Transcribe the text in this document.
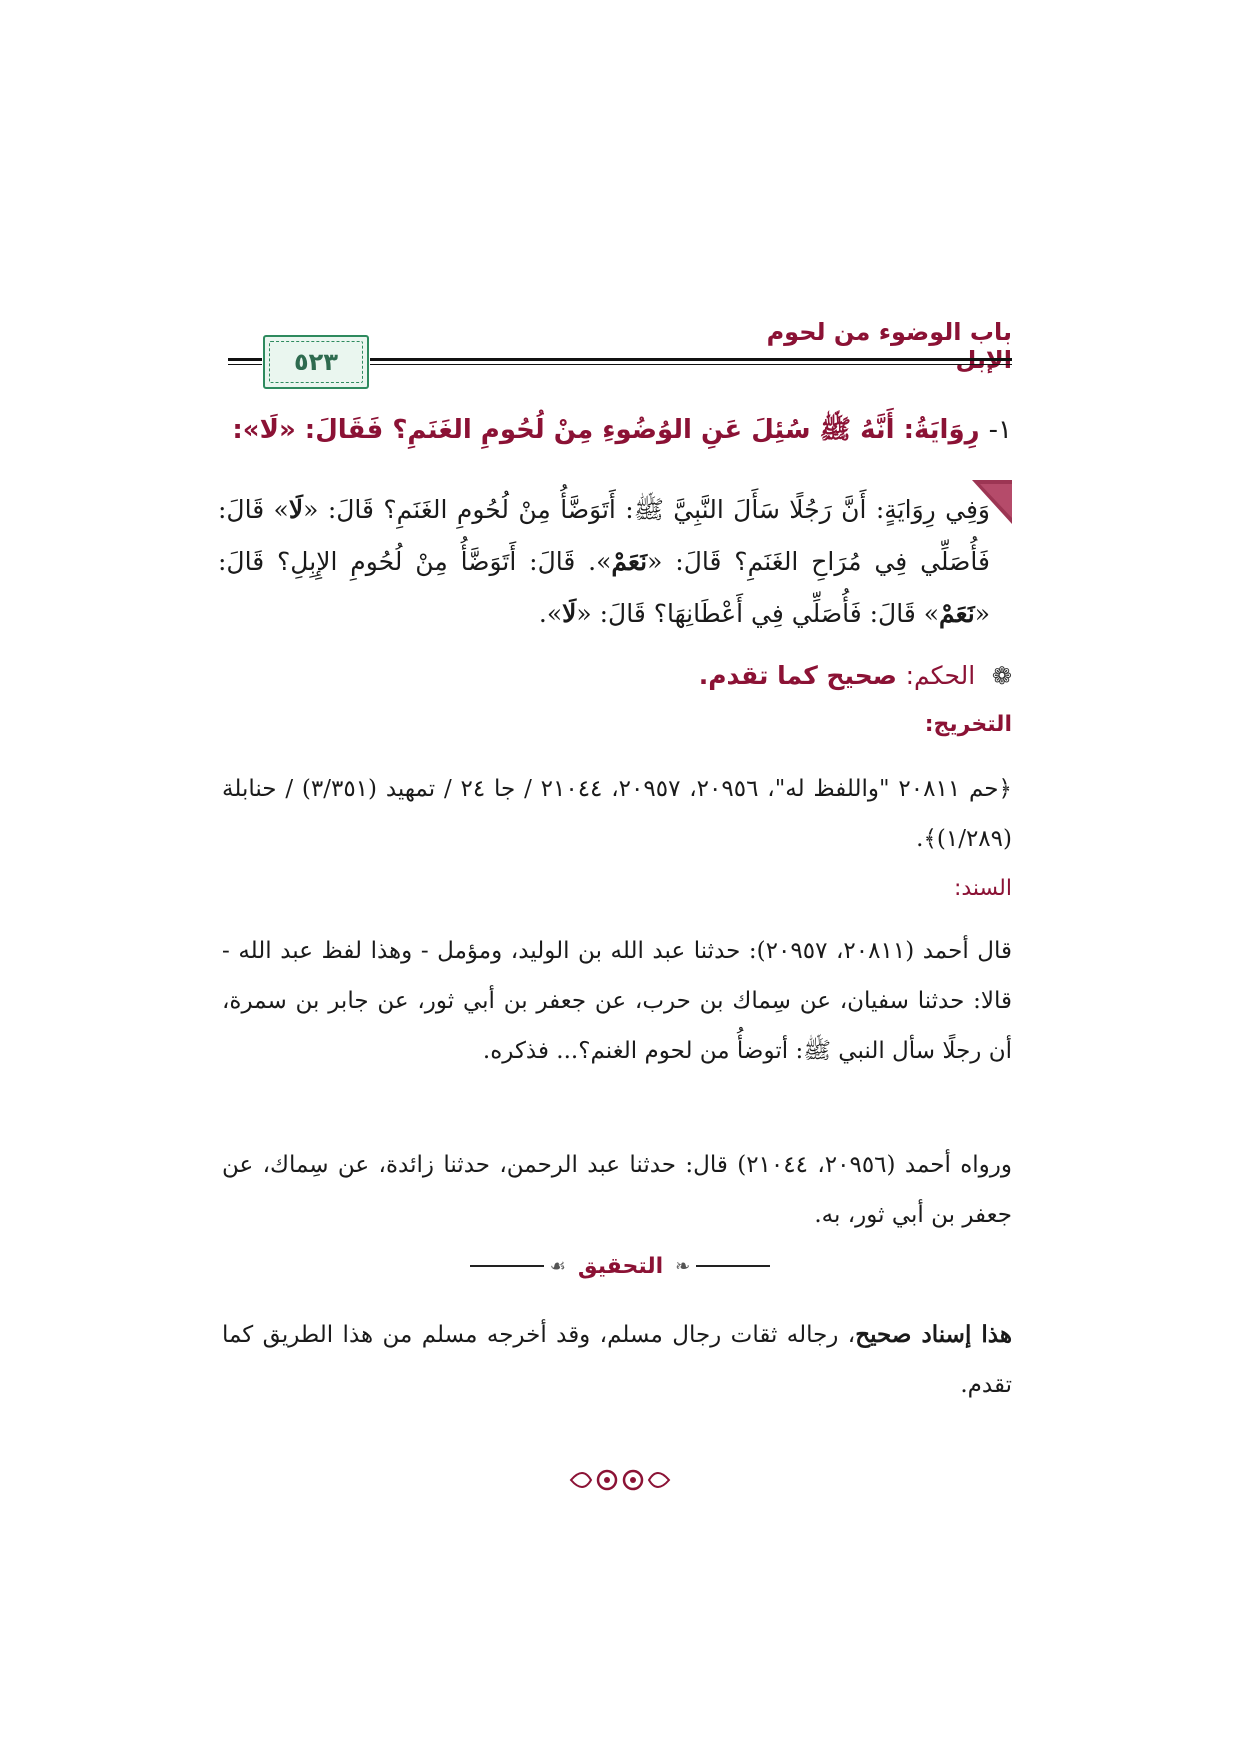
باب الوضوء من لحوم
٥٢٣
١- رِوَايَةُ: أَنَّهُ ﷺ سُئِلَ عَنِ الوُضُوءِ مِنْ لُحُومِ الغَنَمِ؟ فَقَالَ: «لَا»:
وَفِي رِوَايَةٍ: أَنَّ رَجُلًا سَأَلَ النَّبِيَّ ﷺ: أَتَوَضَّأُ مِنْ لُحُومِ الغَنَمِ؟ قَالَ: «لَا» قَالَ: فَأُصَلِّي فِي مُرَاحِ الغَنَمِ؟ قَالَ: «نَعَمْ». قَالَ: أَتَوَضَّأُ مِنْ لُحُومِ الإِبِلِ؟ قَالَ: «نَعَمْ» قَالَ: فَأُصَلِّي فِي أَعْطَانِهَا؟ قَالَ: «لَا».
❁ الحكم: صحيح كما تقدم.
التخريج:
﴿حم ٢٠٨١١ "واللفظ له"، ٢٠٩٥٦، ٢٠٩٥٧، ٢١٠٤٤ / جا ٢٤ / تمهيد (٣/٣٥١) / حنابلة (١/٢٨٩)﴾.
السند:
قال أحمد (٢٠٨١١، ٢٠٩٥٧): حدثنا عبد الله بن الوليد، ومؤمل - وهذا لفظ عبد الله - قالا: حدثنا سفيان، عن سِماك بن حرب، عن جعفر بن أبي ثور، عن جابر بن سمرة، أن رجلًا سأل النبي ﷺ: أتوضأُ من لحوم الغنم؟... فذكره.
ورواه أحمد (٢٠٩٥٦، ٢١٠٤٤) قال: حدثنا عبد الرحمن، حدثنا زائدة، عن سِماك، عن جعفر بن أبي ثور، به.
❧
التحقيق
☙
هذا إسناد صحيح، رجاله ثقات رجال مسلم، وقد أخرجه مسلم من هذا الطريق كما تقدم.
